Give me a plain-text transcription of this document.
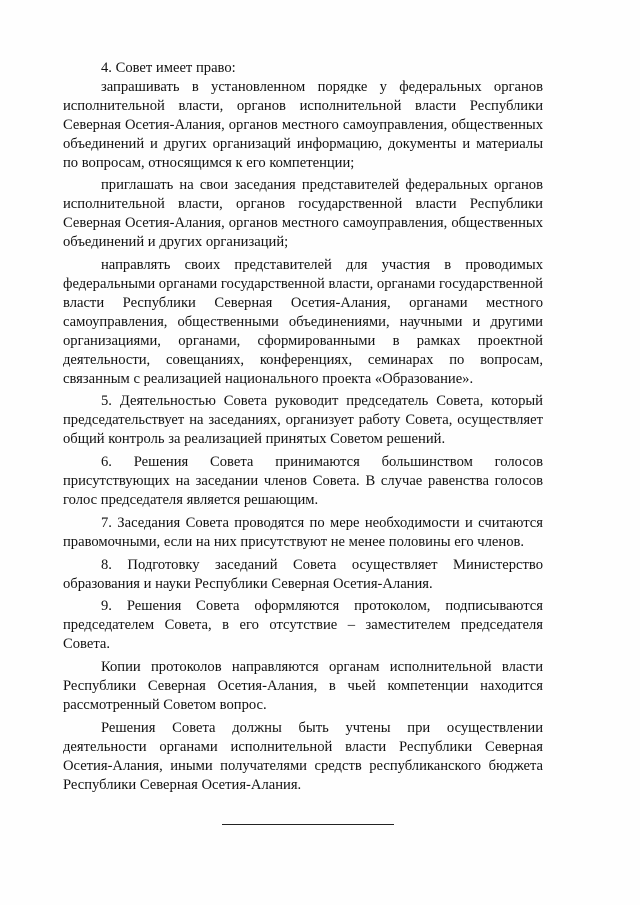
4. Совет имеет право:

запрашивать в установленном порядке у федеральных органов исполнительной власти, органов исполнительной власти Республики Северная Осетия-Алания, органов местного самоуправления, общественных объединений и других организаций информацию, документы и материалы по вопросам, относящимся к его компетенции;

приглашать на свои заседания представителей федеральных органов исполнительной власти, органов государственной власти Республики Северная Осетия-Алания, органов местного самоуправления, общественных объединений и других организаций;

направлять своих представителей для участия в проводимых федеральными органами государственной власти, органами государственной власти Республики Северная Осетия-Алания, органами местного самоуправления, общественными объединениями, научными и другими организациями, органами, сформированными в рамках проектной деятельности, совещаниях, конференциях, семинарах по вопросам, связанным с реализацией национального проекта «Образование».

5. Деятельностью Совета руководит председатель Совета, который председательствует на заседаниях, организует работу Совета, осуществляет общий контроль за реализацией принятых Советом решений.

6. Решения Совета принимаются большинством голосов присутствующих на заседании членов Совета. В случае равенства голосов голос председателя является решающим.

7. Заседания Совета проводятся по мере необходимости и считаются правомочными, если на них присутствуют не менее половины его членов.

8. Подготовку заседаний Совета осуществляет Министерство образования и науки Республики Северная Осетия-Алания.

9. Решения Совета оформляются протоколом, подписываются председателем Совета, в его отсутствие – заместителем председателя Совета.

Копии протоколов направляются органам исполнительной власти Республики Северная Осетия-Алания, в чьей компетенции находится рассмотренный Советом вопрос.

Решения Совета должны быть учтены при осуществлении деятельности органами исполнительной власти Республики Северная Осетия-Алания, иными получателями средств республиканского бюджета Республики Северная Осетия-Алания.
